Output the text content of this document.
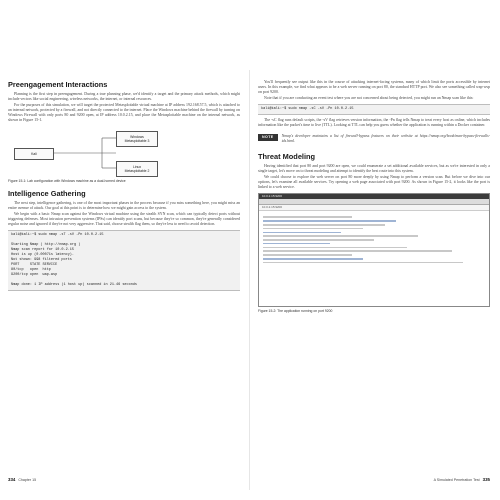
Preengagement Interactions

Planning is the first step in preengagement. During a true planning phase, we'd identify a target and the primary attack methods, which might include vectors like social engineering, wireless networks, the internet, or internal resources.

For the purposes of this simulation, we will target the protected Metasploitable virtual machine at IP address 192.168.57.5, which is attached to an internal network, protected by a firewall, and not directly connected to the internet. Place the Windows machine behind the firewall by turning on Windows Firewall with only ports 80 and 9200 open, at IP address 10.0.2.15, and place the Metasploitable machine on the internal network, as shown in Figure 15-1.

Kali
Windows
Metasploitable 3
Linux
Metasploitable 2
Figure 15-1: Lab configuration with Windows machine as a dual-homed device
Intelligence Gathering

The next step, intelligence gathering, is one of the most important phases in the process because if you miss something here, you might miss an entire avenue of attack. Our goal at this point is to determine how we might gain access to the system.

We begin with a basic Nmap scan against the Windows virtual machine using the stealth SYN scan, which can typically detect ports without triggering defenses. Most intrusion prevention systems (IPSs) can identify port scans, but because they're so common, they're generally considered regular noise and ignored if they're not very aggressive. That said, choose stealth flag them, so they're less to need to avoid detection.

kali@kali:~$ sudo nmap -sT -sV -Pn 10.0.2.15

Starting Nmap ( http://nmap.org )
Nmap scan report for 10.0.2.15
Host is up (0.00071s latency).
Not shown: 998 filtered ports
PORT     STATE SERVICE
80/tcp   open  http
9200/tcp open  wap-wsp

Nmap done: 1 IP address (1 host up) scanned in 21.46 seconds
334 Chapter 15

You'll frequently see output like this in the course of attacking internet-facing systems, many of which limit the ports accessible by internet users. In this example, we find what appears to be a web server running on port 80, the standard HTTP port. We also see something called wap-wsp on port 9200.

Note that if you are conducting an event test where you are not concerned about being detected, you might run an Nmap scan like this:

kali@kali:~$ sudo nmap -sC -sV -Pn 10.0.2.15

The -sC flag runs default scripts, the -sV flag retrieves version information, the -Pn flag tells Nmap to treat every host as online, which includes information like the packet's time to live (TTL). Looking at TTL can help you guess whether the application is running within a Docker container.

NOTE	Nmap's developer maintains a list of firewall-bypass features on their website at https://nmap.org/book/man-bypass-firewalls-ids.html.

Threat Modeling

Having identified that port 80 and port 9200 are open, we could enumerate a set additional available services, but as we're interested in only a single target, let's move on to threat modeling and attempt to identify the best route into this system.

We could choose to explore the web server on port 80 more deeply by using Nmap to perform a version scan. But before we dive into our options, let's examine all available services. Try opening a web page associated with port 9200. As shown in Figure 15-2, it looks like the port is linked to a web service.

10.0.2.15:9200
10.0.2.15:9200
Figure 15-2: The application running on port 9200
A Simulated Penetration Test 335
